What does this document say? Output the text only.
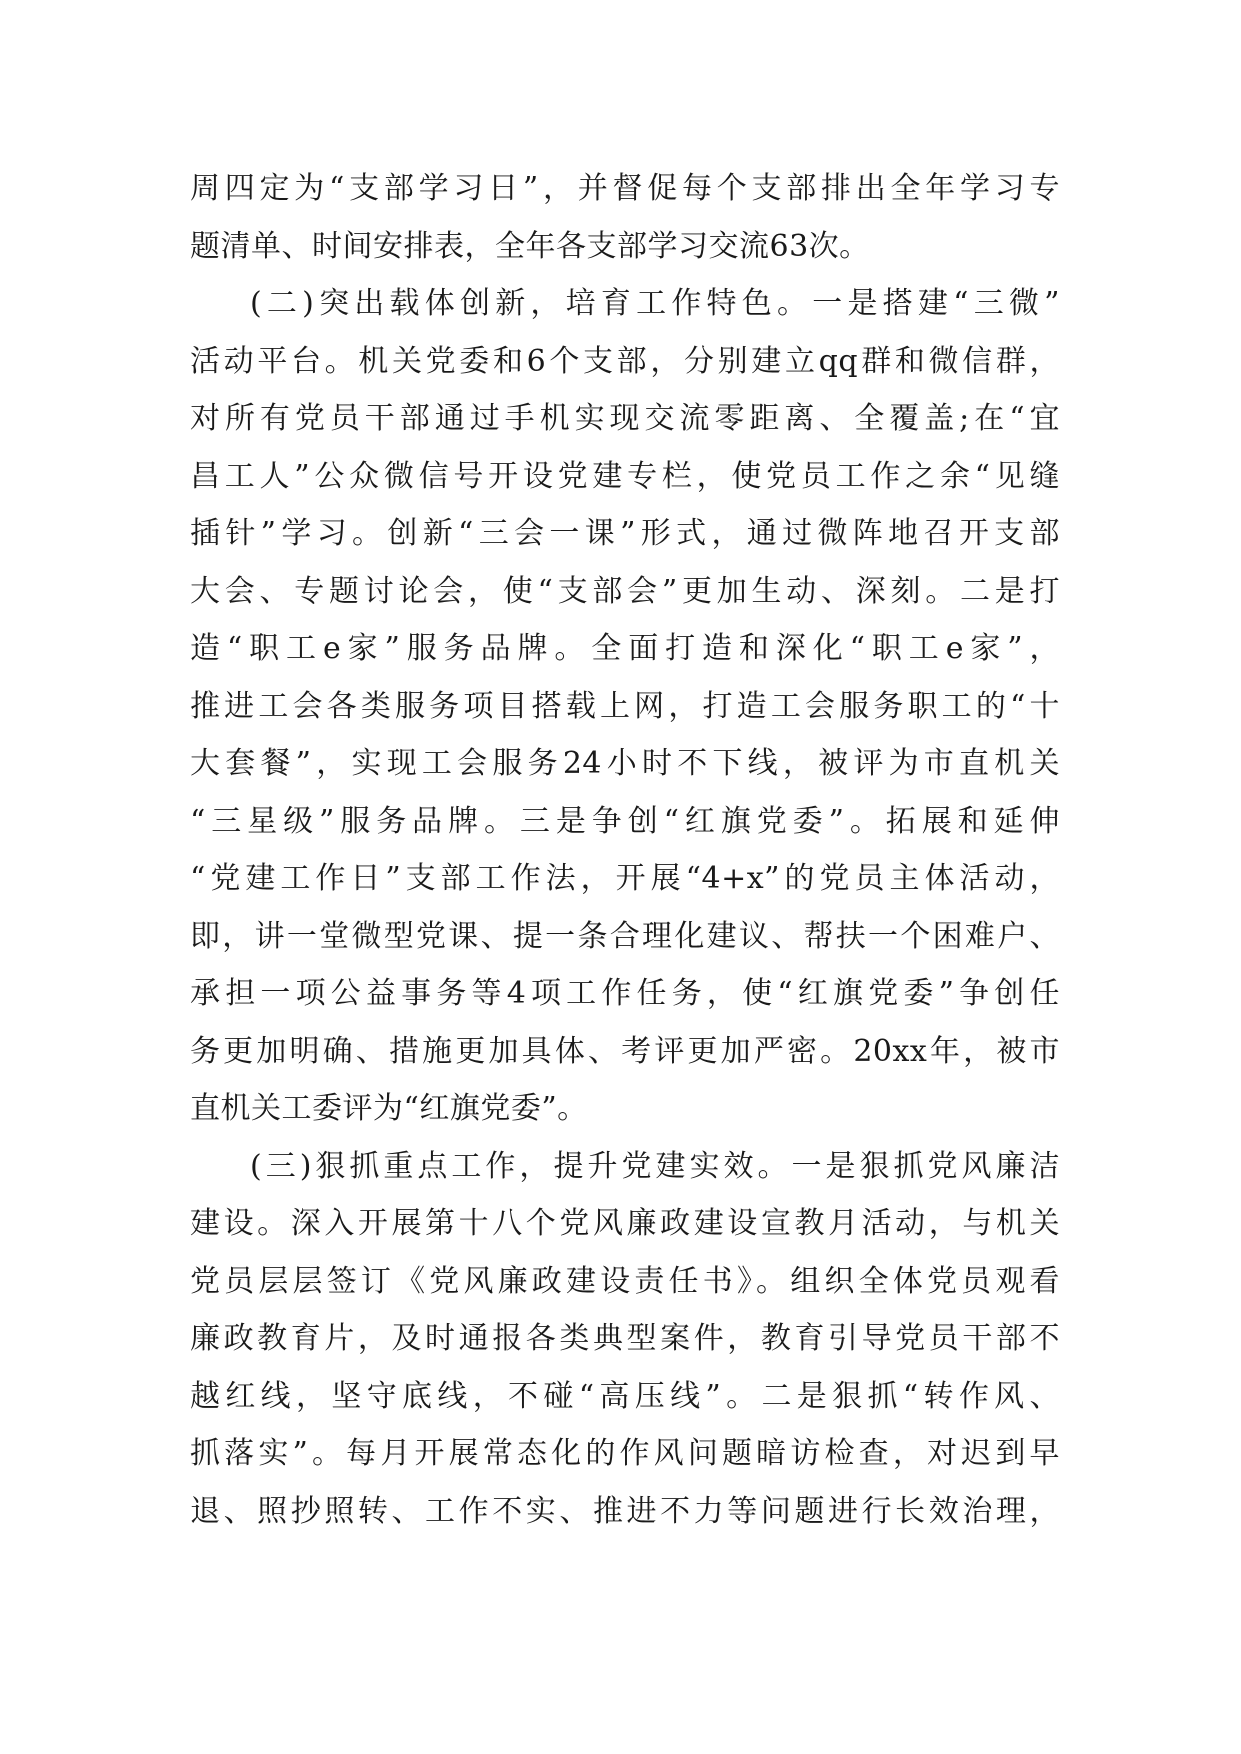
周四定为“支部学习日”，并督促每个支部排出全年学习专
题清单、时间安排表，全年各支部学习交流63次。
(二)突出载体创新，培育工作特色。一是搭建“三微”
活动平台。机关党委和6个支部，分别建立qq群和微信群，
对所有党员干部通过手机实现交流零距离、全覆盖;在“宜
昌工人”公众微信号开设党建专栏，使党员工作之余“见缝
插针”学习。创新“三会一课”形式，通过微阵地召开支部
大会、专题讨论会，使“支部会”更加生动、深刻。二是打
造“职工e家”服务品牌。全面打造和深化“职工e家”，
推进工会各类服务项目搭载上网，打造工会服务职工的“十
大套餐”，实现工会服务24小时不下线，被评为市直机关
“三星级”服务品牌。三是争创“红旗党委”。拓展和延伸
“党建工作日”支部工作法，开展“4+x”的党员主体活动，
即，讲一堂微型党课、提一条合理化建议、帮扶一个困难户、
承担一项公益事务等4项工作任务，使“红旗党委”争创任
务更加明确、措施更加具体、考评更加严密。20xx年，被市
直机关工委评为“红旗党委”。
(三)狠抓重点工作，提升党建实效。一是狠抓党风廉洁
建设。深入开展第十八个党风廉政建设宣教月活动，与机关
党员层层签订《党风廉政建设责任书》。组织全体党员观看
廉政教育片，及时通报各类典型案件，教育引导党员干部不
越红线，坚守底线，不碰“高压线”。二是狠抓“转作风、
抓落实”。每月开展常态化的作风问题暗访检查，对迟到早
退、照抄照转、工作不实、推进不力等问题进行长效治理，
